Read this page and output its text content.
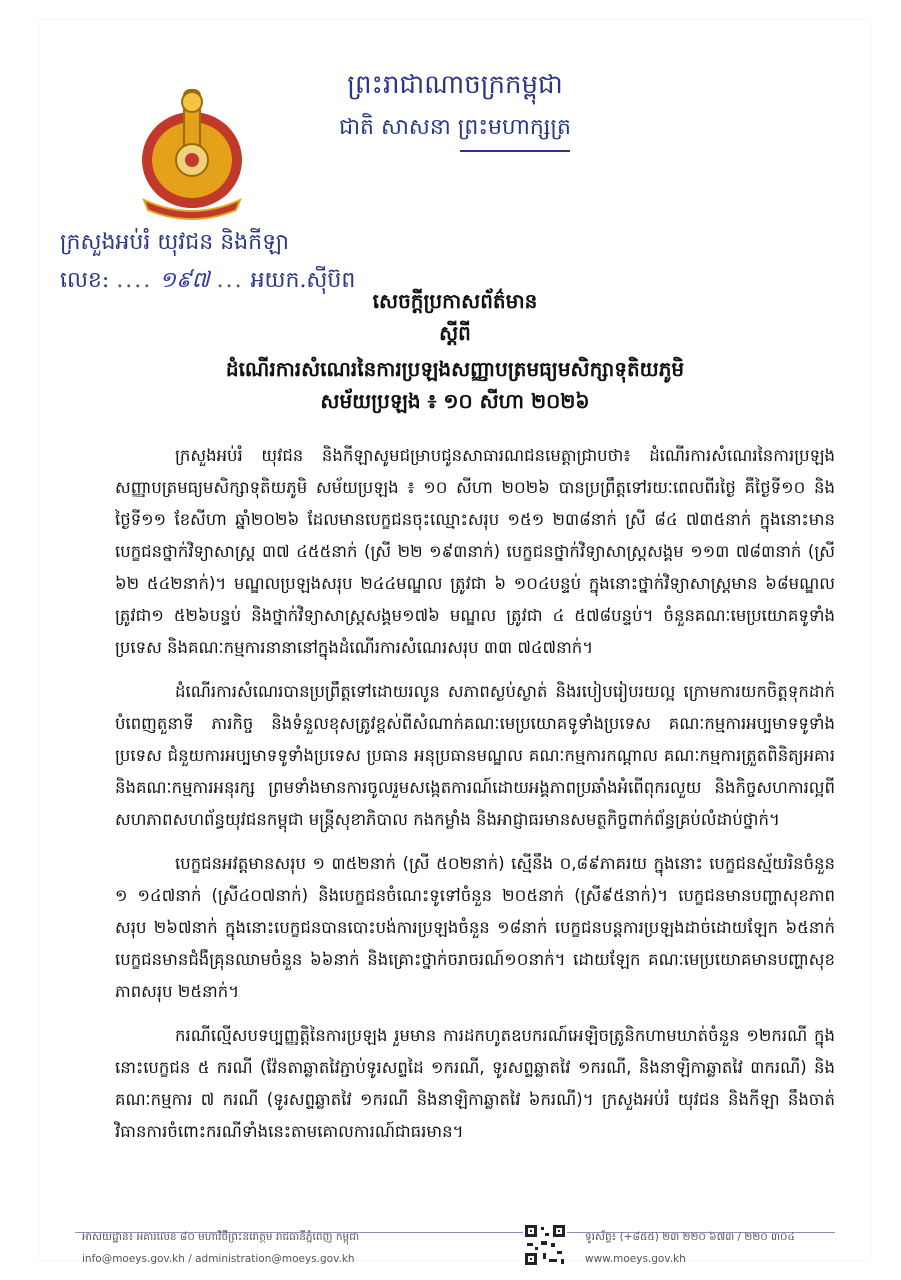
ព្រះរាជាណាចក្រកម្ពុជា
ជាតិ សាសនា ព្រះមហាក្សត្រ
ក្រសួងអប់រំ យុវជន និងកីឡា
លេខ: .... ១៩៧ ... អយក.ស៊ីប៊ព
សេចក្តីប្រកាសព័ត៌មាន
ស្តីពី
ដំណើរការសំណេរនៃការប្រឡងសញ្ញាបត្រមធ្យមសិក្សាទុតិយភូមិ
សម័យប្រឡង ៖ ១០ សីហា ២០២៦

ក្រសួងអប់រំ យុវជន និងកីឡាសូមជម្រាបជូនសាធារណជនមេត្តាជ្រាបថា៖ ដំណើរការសំណេរនៃការប្រឡងសញ្ញាបត្រមធ្យមសិក្សាទុតិយភូមិ សម័យប្រឡង ៖ ១០ សីហា ២០២៦ បានប្រព្រឹត្តទៅរយៈពេលពីរថ្ងៃ គឺថ្ងៃទី១០ និងថ្ងៃទី១១ ខែសីហា ឆ្នាំ២០២៦ ដែលមានបេក្ខជនចុះឈ្មោះសរុប ១៥១ ២៣៨នាក់ ស្រី ៨៤ ៧៣៥នាក់ ក្នុងនោះមានបេក្ខជនថ្នាក់វិទ្យាសាស្ត្រ ៣៧ ៤៥៥នាក់ (ស្រី ២២ ១៩៣នាក់) បេក្ខជនថ្នាក់វិទ្យាសាស្ត្រសង្គម ១១៣ ៧៨៣នាក់ (ស្រី ៦២ ៥៤២នាក់)។ មណ្ឌលប្រឡងសរុប ២៤៤មណ្ឌល ត្រូវជា ៦ ១០៤បន្ទប់ ក្នុងនោះថ្នាក់វិទ្យាសាស្ត្រមាន ៦៨មណ្ឌល ត្រូវជា១ ៥២៦បន្ទប់ និងថ្នាក់វិទ្យាសាស្ត្រសង្គម១៧៦ មណ្ឌល ត្រូវជា ៤ ៥៧៨បន្ទប់។ ចំនួនគណៈមេប្រយោគទូទាំងប្រទេស និងគណៈកម្មការនានានៅក្នុងដំណើរការសំណេរសរុប ៣៣ ៧៤៧នាក់។

ដំណើរការសំណេរបានប្រព្រឹត្តទៅដោយរលូន សភាពស្ងប់ស្ងាត់ និងរបៀបរៀបរយល្អ ក្រោមការយកចិត្តទុកដាក់បំពេញតួនាទី ភារកិច្ច និងទំនួលខុសត្រូវខ្ពស់ពីសំណាក់គណៈមេប្រយោគទូទាំងប្រទេស គណៈកម្មការអប្បមាទទូទាំងប្រទេស ជំនួយការអប្បមាទទូទាំងប្រទេស ប្រធាន អនុប្រធានមណ្ឌល គណៈកម្មការកណ្តាល គណៈកម្មការត្រួតពិនិត្យអគារ និងគណៈកម្មការអនុរក្ស ព្រមទាំងមានការចូលរួមសង្កេតការណ៍ដោយអង្គភាពប្រឆាំងអំពើពុករលួយ និងកិច្ចសហការល្អពីសហភាពសហព័ន្ធយុវជនកម្ពុជា មន្ត្រីសុខាភិបាល កងកម្លាំង និងអាជ្ញាធរមានសមត្ថកិច្ចពាក់ព័ន្ធគ្រប់លំដាប់ថ្នាក់។

បេក្ខជនអវត្តមានសរុប ១ ៣៥២នាក់ (ស្រី ៥០២នាក់) ស្មើនឹង ០,៨៩ភាគរយ ក្នុងនោះ បេក្ខជនស្ម័យរិនចំនួន ១ ១៤៧នាក់ (ស្រី៤០៧នាក់) និងបេក្ខជនចំណេះទូទៅចំនួន ២០៥នាក់ (ស្រី៩៥នាក់)។ បេក្ខជនមានបញ្ហាសុខភាពសរុប ២៦៧នាក់ ក្នុងនោះបេក្ខជនបានបោះបង់ការប្រឡងចំនួន ១៨នាក់ បេក្ខជនបន្តការប្រឡងដាច់ដោយឡែក ៦៥នាក់ បេក្ខជនមានជំងឺគ្រុនឈាមចំនួន ៦៦នាក់ និងគ្រោះថ្នាក់ចរាចរណ៍១០នាក់។ ដោយឡែក គណៈមេប្រយោគមានបញ្ហាសុខភាពសរុប ២៥នាក់។

ករណីល្មើសបទប្បញ្ញត្តិនៃការប្រឡង រួមមាន ការដកហូតឧបករណ៍អេឡិចត្រូនិកហាមឃាត់ចំនួន ១២ករណី ក្នុងនោះបេក្ខជន ៥ ករណី (វ៉ែនតាឆ្លាតវៃភ្ជាប់ទូរសព្ទដៃ ១ករណី, ទូរសព្ទឆ្លាតវៃ ១ករណី, និងនាឡិកាឆ្លាតវៃ ៣ករណី) និង គណៈកម្មការ ៧ ករណី (ទូរសព្ទឆ្លាតវៃ ១ករណី និងនាឡិកាឆ្លាតវៃ ៦ករណី)។ ក្រសួងអប់រំ យុវជន និងកីឡា នឹងចាត់វិធានការចំពោះករណីទាំងនេះតាមគោលការណ៍ជាធរមាន។

អាសយដ្ឋាន៖ អគារលេខ ៨០ មហាវិថីព្រះនរោត្តម រាជធានីភ្នំពេញ កម្ពុជា
info@moeys.gov.kh / administration@moeys.gov.kh
ទូរស័ព្ទ៖ (+៨៥៥) ២៣ ២២០ ៦៧៣ / ២២០ ៣០៤
www.moeys.gov.kh
